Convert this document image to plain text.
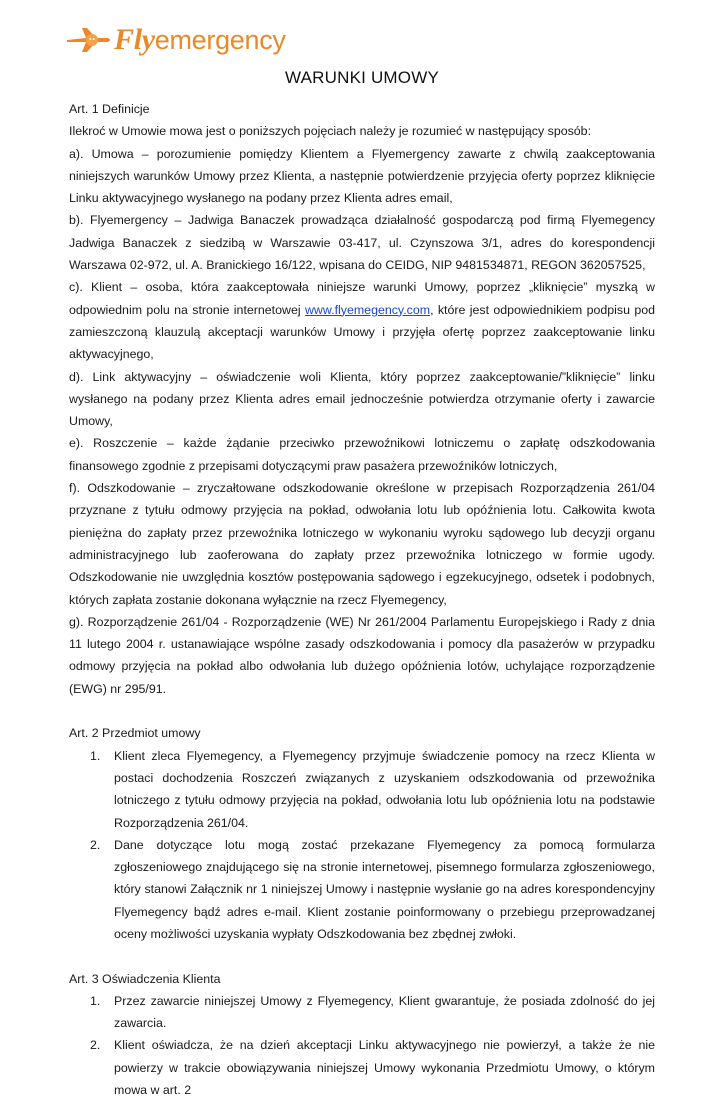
Flyemergency
WARUNKI UMOWY

Art. 1 Definicje

Ilekroć w Umowie mowa jest o poniższych pojęciach należy je rozumieć w następujący sposób:

a). Umowa – porozumienie pomiędzy Klientem a Flyemergency zawarte z chwilą zaakceptowania niniejszych warunków Umowy przez Klienta, a następnie potwierdzenie przyjęcia oferty poprzez kliknięcie Linku aktywacyjnego wysłanego na podany przez Klienta adres email,

b). Flyemergency – Jadwiga Banaczek prowadząca działalność gospodarczą pod firmą Flyemegency Jadwiga Banaczek z siedzibą w Warszawie 03-417, ul. Czynszowa 3/1, adres do korespondencji Warszawa 02-972, ul. A. Branickiego 16/122, wpisana do CEIDG, NIP 9481534871, REGON 362057525,

c). Klient – osoba, która zaakceptowała niniejsze warunki Umowy, poprzez „kliknięcie” myszką w odpowiednim polu na stronie internetowej www.flyemegency.com, które jest odpowiednikiem podpisu pod zamieszczoną klauzulą akceptacji warunków Umowy i przyjęła ofertę poprzez zaakceptowanie linku aktywacyjnego,

d). Link aktywacyjny – oświadczenie woli Klienta, który poprzez zaakceptowanie/”kliknięcie” linku wysłanego na podany przez Klienta adres email jednocześnie potwierdza otrzymanie oferty i zawarcie Umowy,

e). Roszczenie – każde żądanie przeciwko przewoźnikowi lotniczemu o zapłatę odszkodowania finansowego zgodnie z przepisami dotyczącymi praw pasażera przewoźników lotniczych,

f). Odszkodowanie – zryczałtowane odszkodowanie określone w przepisach Rozporządzenia 261/04 przyznane z tytułu odmowy przyjęcia na pokład, odwołania lotu lub opóźnienia lotu. Całkowita kwota pieniężna do zapłaty przez przewoźnika lotniczego w wykonaniu wyroku sądowego lub decyzji organu administracyjnego lub zaoferowana do zapłaty przez przewoźnika lotniczego w formie ugody. Odszkodowanie nie uwzględnia kosztów postępowania sądowego i egzekucyjnego, odsetek i podobnych, których zapłata zostanie dokonana wyłącznie na rzecz Flyemegency,

g). Rozporządzenie 261/04 - Rozporządzenie (WE) Nr 261/2004 Parlamentu Europejskiego i Rady z dnia 11 lutego 2004 r. ustanawiające wspólne zasady odszkodowania i pomocy dla pasażerów w przypadku odmowy przyjęcia na pokład albo odwołania lub dużego opóźnienia lotów, uchylające rozporządzenie (EWG) nr 295/91.

Art. 2 Przedmiot umowy

1. Klient zleca Flyemegency, a Flyemegency przyjmuje świadczenie pomocy na rzecz Klienta w postaci dochodzenia Roszczeń związanych z uzyskaniem odszkodowania od przewoźnika lotniczego z tytułu odmowy przyjęcia na pokład, odwołania lotu lub opóźnienia lotu na podstawie Rozporządzenia 261/04.
2. Dane dotyczące lotu mogą zostać przekazane Flyemegency za pomocą formularza zgłoszeniowego znajdującego się na stronie internetowej, pisemnego formularza zgłoszeniowego, który stanowi Załącznik nr 1 niniejszej Umowy i następnie wysłanie go na adres korespondencyjny Flyemegency bądź adres e-mail. Klient zostanie poinformowany o przebiegu przeprowadzanej oceny możliwości uzyskania wypłaty Odszkodowania bez zbędnej zwłoki.

Art. 3 Oświadczenia Klienta

1. Przez zawarcie niniejszej Umowy z Flyemegency, Klient gwarantuje, że posiada zdolność do jej zawarcia.
2. Klient oświadcza, że na dzień akceptacji Linku aktywacyjnego nie powierzył, a także że nie powierzy w trakcie obowiązywania niniejszej Umowy wykonania Przedmiotu Umowy, o którym mowa w art. 2
